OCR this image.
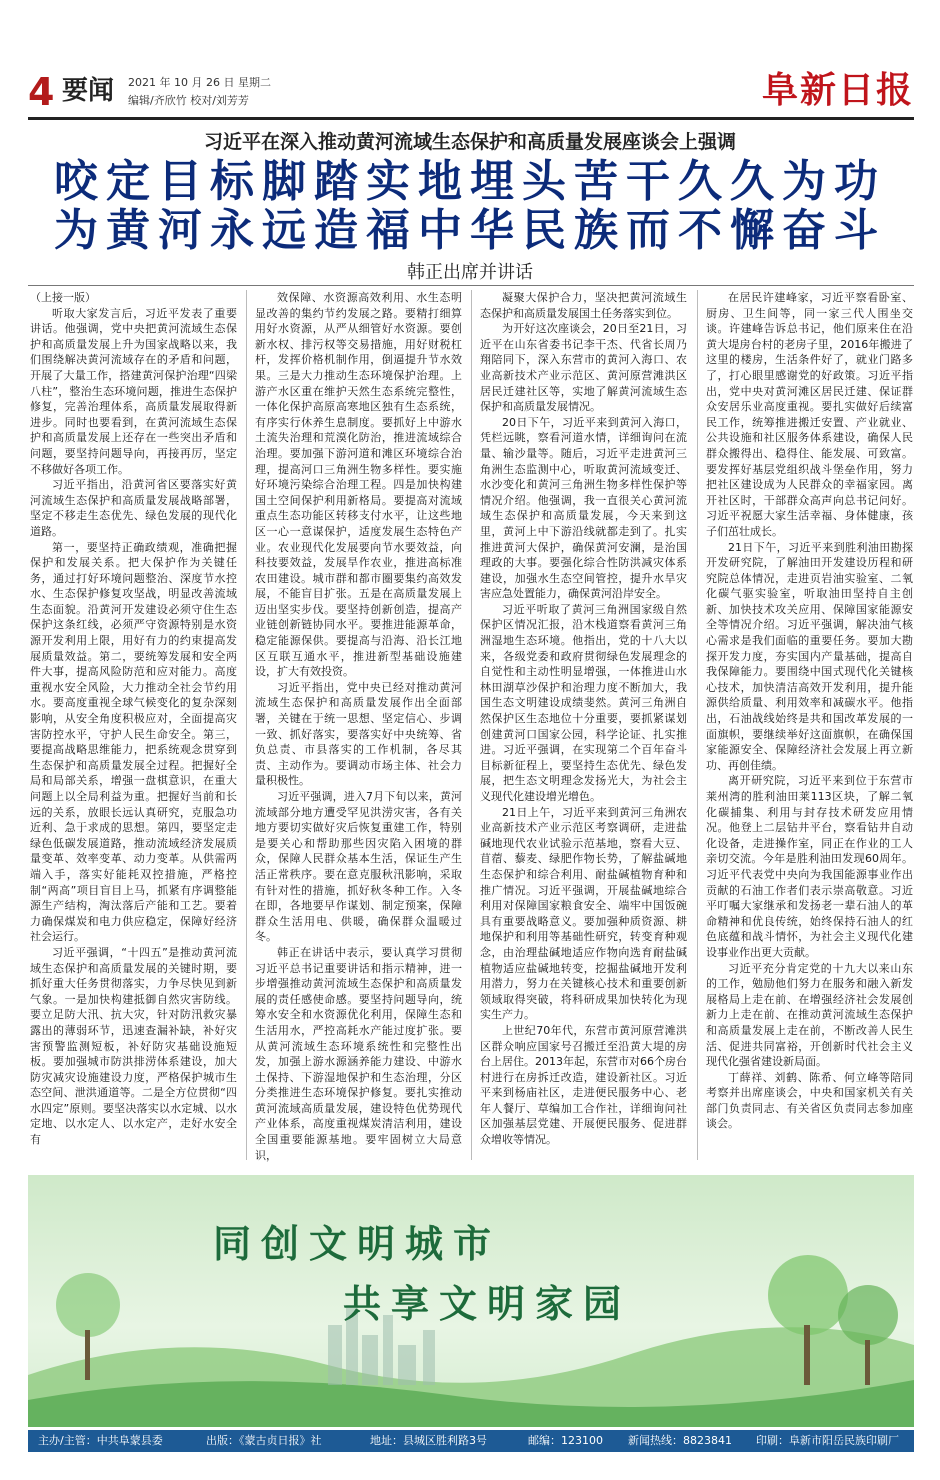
4 要闻 2021 年 10 月 26 日 星期二
编辑/齐欣竹 校对/刘芳芳	阜新日报
习近平在深入推动黄河流域生态保护和高质量发展座谈会上强调
咬定目标脚踏实地埋头苦干久久为功
为黄河永远造福中华民族而不懈奋斗
韩正出席并讲话

（上接一版）

听取大家发言后，习近平发表了重要讲话。他强调，党中央把黄河流域生态保护和高质量发展上升为国家战略以来，我们围绕解决黄河流域存在的矛盾和问题，开展了大量工作，搭建黄河保护治理“四梁八柱”，整治生态环境问题，推进生态保护修复，完善治理体系，高质量发展取得新进步。同时也要看到，在黄河流域生态保护和高质量发展上还存在一些突出矛盾和问题，要坚持问题导向，再接再厉，坚定不移做好各项工作。

习近平指出，沿黄河省区要落实好黄河流域生态保护和高质量发展战略部署，坚定不移走生态优先、绿色发展的现代化道路。

第一，要坚持正确政绩观，准确把握保护和发展关系。把大保护作为关键任务，通过打好环境问题整治、深度节水控水、生态保护修复攻坚战，明显改善流域生态面貌。沿黄河开发建设必须守住生态保护这条红线，必须严守资源特别是水资源开发利用上限，用好有力的约束提高发展质量效益。第二，要统筹发展和安全两件大事，提高风险防范和应对能力。高度重视水安全风险，大力推动全社会节约用水。要高度重视全球气候变化的复杂深刻影响，从安全角度积极应对，全面提高灾害防控水平，守护人民生命安全。第三，要提高战略思维能力，把系统观念贯穿到生态保护和高质量发展全过程。把握好全局和局部关系，增强一盘棋意识，在重大问题上以全局利益为重。把握好当前和长远的关系，放眼长远认真研究，克服急功近利、急于求成的思想。第四，要坚定走绿色低碳发展道路，推动流域经济发展质量变革、效率变革、动力变革。从供需两端入手，落实好能耗双控措施，严格控制“两高”项目盲目上马，抓紧有序调整能源生产结构，淘汰落后产能和工艺。要着力确保煤炭和电力供应稳定，保障好经济社会运行。

习近平强调，“十四五”是推动黄河流域生态保护和高质量发展的关键时期，要抓好重大任务贯彻落实，力争尽快见到新气象。一是加快构建抵御自然灾害防线。要立足防大汛、抗大灾，针对防汛救灾暴露出的薄弱环节，迅速查漏补缺，补好灾害预警监测短板，补好防灾基础设施短板。要加强城市防洪排涝体系建设，加大防灾减灾设施建设力度，严格保护城市生态空间、泄洪通道等。二是全方位贯彻“四水四定”原则。要坚决落实以水定城、以水定地、以水定人、以水定产，走好水安全有

效保障、水资源高效利用、水生态明显改善的集约节约发展之路。要精打细算用好水资源，从严从细管好水资源。要创新水权、排污权等交易措施，用好财税杠杆，发挥价格机制作用，倒逼提升节水效果。三是大力推动生态环境保护治理。上游产水区重在维护天然生态系统完整性，一体化保护高原高寒地区独有生态系统，有序实行休养生息制度。要抓好上中游水土流失治理和荒漠化防治，推进流域综合治理。要加强下游河道和滩区环境综合治理，提高河口三角洲生物多样性。要实施好环境污染综合治理工程。四是加快构建国土空间保护利用新格局。要提高对流域重点生态功能区转移支付水平，让这些地区一心一意谋保护，适度发展生态特色产业。农业现代化发展要向节水要效益，向科技要效益，发展旱作农业，推进高标准农田建设。城市群和都市圈要集约高效发展，不能盲目扩张。五是在高质量发展上迈出坚实步伐。要坚持创新创造，提高产业链创新链协同水平。要推进能源革命，稳定能源保供。要提高与沿海、沿长江地区互联互通水平，推进新型基础设施建设，扩大有效投资。

习近平指出，党中央已经对推动黄河流域生态保护和高质量发展作出全面部署，关键在于统一思想、坚定信心、步调一致、抓好落实，要落实好中央统筹、省负总责、市县落实的工作机制，各尽其责、主动作为。要调动市场主体、社会力量积极性。

习近平强调，进入7月下旬以来，黄河流域部分地方遭受罕见洪涝灾害，各有关地方要切实做好灾后恢复重建工作，特别是要关心和帮助那些因灾陷入困境的群众，保障人民群众基本生活，保证生产生活正常秩序。要在意克服秋汛影响，采取有针对性的措施，抓好秋冬种工作。入冬在即，各地要早作谋划、制定预案，保障群众生活用电、供暖，确保群众温暖过冬。

韩正在讲话中表示，要认真学习贯彻习近平总书记重要讲话和指示精神，进一步增强推动黄河流域生态保护和高质量发展的责任感使命感。要坚持问题导向，统筹水安全和水资源优化利用，保障生态和生活用水，严控高耗水产能过度扩张。要从黄河流域生态环境系统性和完整性出发，加强上游水源涵养能力建设、中游水土保持、下游湿地保护和生态治理，分区分类推进生态环境保护修复。要扎实推动黄河流域高质量发展，建设特色优势现代产业体系，高度重视煤炭清洁利用，建设全国重要能源基地。要牢固树立大局意识，

凝聚大保护合力，坚决把黄河流域生态保护和高质量发展国土任务落实到位。

为开好这次座谈会，20日至21日，习近平在山东省委书记李干杰、代省长周乃翔陪同下，深入东营市的黄河入海口、农业高新技术产业示范区、黄河原营滩洪区居民迁建社区等，实地了解黄河流域生态保护和高质量发展情况。

20日下午，习近平来到黄河入海口，凭栏远眺，察看河道水情，详细询问在流量、输沙量等。随后，习近平走进黄河三角洲生态监测中心，听取黄河流域变迁、水沙变化和黄河三角洲生物多样性保护等情况介绍。他强调，我一直很关心黄河流域生态保护和高质量发展，今天来到这里，黄河上中下游沿线就都走到了。扎实推进黄河大保护，确保黄河安澜，是治国理政的大事。要强化综合性防洪减灾体系建设，加强水生态空间管控，提升水旱灾害应急处置能力，确保黄河沿岸安全。

习近平听取了黄河三角洲国家级自然保护区情况汇报，沿木栈道察看黄河三角洲湿地生态环境。他指出，党的十八大以来，各级党委和政府贯彻绿色发展理念的自觉性和主动性明显增强，一体推进山水林田湖草沙保护和治理力度不断加大，我国生态文明建设成绩斐然。黄河三角洲自然保护区生态地位十分重要，要抓紧谋划创建黄河口国家公园，科学论证、扎实推进。习近平强调，在实现第二个百年奋斗目标新征程上，要坚持生态优先、绿色发展，把生态文明理念发扬光大，为社会主义现代化建设增光增色。

21日上午，习近平来到黄河三角洲农业高新技术产业示范区考察调研，走进盐碱地现代农业试验示范基地，察看大豆、苜蓿、藜麦、绿肥作物长势，了解盐碱地生态保护和综合利用、耐盐碱植物育种和推广情况。习近平强调，开展盐碱地综合利用对保障国家粮食安全、端牢中国饭碗具有重要战略意义。要加强种质资源、耕地保护和利用等基础性研究，转变育种观念，由治理盐碱地适应作物向选育耐盐碱植物适应盐碱地转变，挖掘盐碱地开发利用潜力，努力在关键核心技术和重要创新领域取得突破，将科研成果加快转化为现实生产力。

上世纪70年代，东营市黄河原营滩洪区群众响应国家号召搬迁至沿黄大堤的房台上居住。2013年起，东营市对66个房台村进行在房拆迁改造，建设新社区。习近平来到杨庙社区，走进便民服务中心、老年人餐厅、草编加工合作社，详细询问社区加强基层党建、开展便民服务、促进群众增收等情况。

在居民许建峰家，习近平察看卧室、厨房、卫生间等，同一家三代人围坐交谈。许建峰告诉总书记，他们原来住在沿黄大堤房台村的老房子里，2016年搬进了这里的楼房，生活条件好了，就业门路多了，打心眼里感谢党的好政策。习近平指出，党中央对黄河滩区居民迁建、保证群众安居乐业高度重视。要扎实做好后续富民工作，统筹推进搬迁安置、产业就业、公共设施和社区服务体系建设，确保人民群众搬得出、稳得住、能发展、可致富。要发挥好基层党组织战斗堡垒作用，努力把社区建设成为人民群众的幸福家园。离开社区时，干部群众高声向总书记问好。习近平祝愿大家生活幸福、身体健康，孩子们茁壮成长。

21日下午，习近平来到胜利油田勘探开发研究院，了解油田开发建设历程和研究院总体情况，走进页岩油实验室、二氧化碳气驱实验室，听取油田坚持自主创新、加快技术攻关应用、保障国家能源安全等情况介绍。习近平强调，解决油气核心需求是我们面临的重要任务。要加大勘探开发力度，夯实国内产量基础，提高自我保障能力。要围绕中国式现代化关键核心技术，加快清洁高效开发利用，提升能源供给质量、利用效率和减碳水平。他指出，石油战线始终是共和国改革发展的一面旗帜，要继续举好这面旗帜，在确保国家能源安全、保障经济社会发展上再立新功、再创佳绩。

离开研究院，习近平来到位于东营市莱州湾的胜利油田莱113区块，了解二氧化碳捕集、利用与封存技术研发应用情况。他登上二层钻井平台，察看钻井自动化设备，走进操作室，同正在作业的工人亲切交流。今年是胜利油田发现60周年。习近平代表党中央向为我国能源事业作出贡献的石油工作者们表示崇高敬意。习近平叮嘱大家继承和发扬老一辈石油人的革命精神和优良传统，始终保持石油人的红色底蕴和战斗情怀，为社会主义现代化建设事业作出更大贡献。

习近平充分肯定党的十九大以来山东的工作，勉励他们努力在服务和融入新发展格局上走在前、在增强经济社会发展创新力上走在前、在推动黄河流域生态保护和高质量发展上走在前，不断改善人民生活、促进共同富裕，开创新时代社会主义现代化强省建设新局面。

丁薛祥、刘鹤、陈希、何立峰等陪同考察并出席座谈会，中央和国家机关有关部门负责同志、有关省区负责同志参加座谈会。

同创文明城市
共享文明家园
主办/主管：中共阜蒙县委	出版：《蒙古贞日报》社	地址：县城区胜利路3号	邮编：123100 新闻热线：8823841 印刷：阜新市阳岳民族印刷厂
